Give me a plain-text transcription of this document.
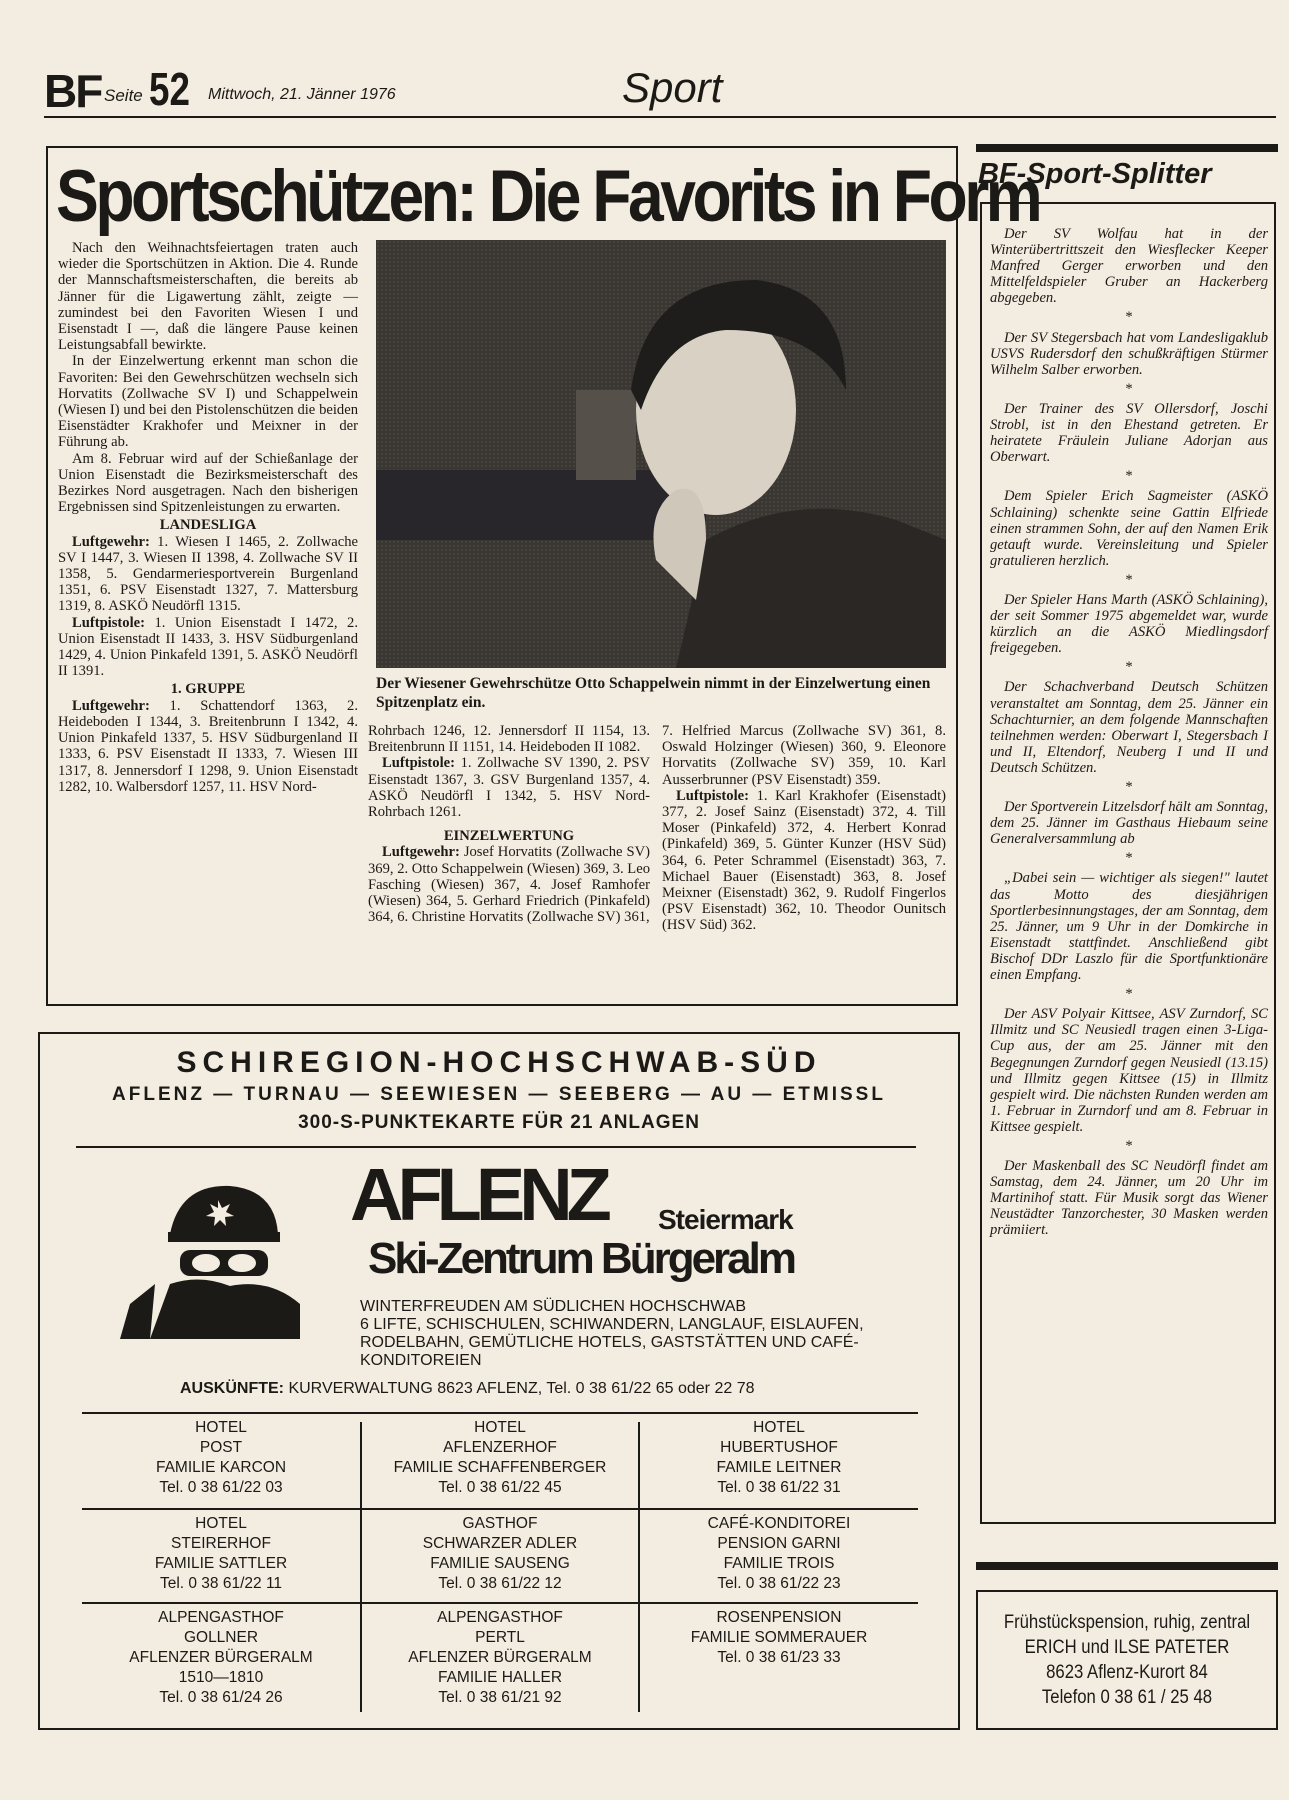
BF Seite 52 Mittwoch, 21. Jänner 1976	Sport
Sportschützen: Die Favorits in Form

Nach den Weihnachtsfeiertagen traten auch wieder die Sportschützen in Aktion. Die 4. Runde der Mannschaftsmeisterschaften, die bereits ab Jänner für die Ligawertung zählt, zeigte — zumindest bei den Favoriten Wiesen I und Eisenstadt I —, daß die längere Pause keinen Leistungsabfall bewirkte.

In der Einzelwertung erkennt man schon die Favoriten: Bei den Gewehrschützen wechseln sich Horvatits (Zollwache SV I) und Schappelwein (Wiesen I) und bei den Pistolenschützen die beiden Eisenstädter Krakhofer und Meixner in der Führung ab.

Am 8. Februar wird auf der Schießanlage der Union Eisenstadt die Bezirksmeisterschaft des Bezirkes Nord ausgetragen. Nach den bisherigen Ergebnissen sind Spitzenleistungen zu erwarten.

LANDESLIGA

Luftgewehr: 1. Wiesen I 1465, 2. Zollwache SV I 1447, 3. Wiesen II 1398, 4. Zollwache SV II 1358, 5. Gendarmeriesportverein Burgenland 1351, 6. PSV Eisenstadt 1327, 7. Mattersburg 1319, 8. ASKÖ Neudörfl 1315.

Luftpistole: 1. Union Eisenstadt I 1472, 2. Union Eisenstadt II 1433, 3. HSV Südburgenland 1429, 4. Union Pinkafeld 1391, 5. ASKÖ Neudörfl II 1391.

1. GRUPPE

Luftgewehr: 1. Schattendorf 1363, 2. Heideboden I 1344, 3. Breitenbrunn I 1342, 4. Union Pinkafeld 1337, 5. HSV Südburgenland II 1333, 6. PSV Eisenstadt II 1333, 7. Wiesen III 1317, 8. Jennersdorf I 1298, 9. Union Eisenstadt 1282, 10. Walbersdorf 1257, 11. HSV Nord-

Der Wiesener Gewehrschütze Otto Schappelwein nimmt in der Einzelwertung einen Spitzenplatz ein.

Rohrbach 1246, 12. Jennersdorf II 1154, 13. Breitenbrunn II 1151, 14. Heideboden II 1082.

Luftpistole: 1. Zollwache SV 1390, 2. PSV Eisenstadt 1367, 3. GSV Burgenland 1357, 4. ASKÖ Neudörfl I 1342, 5. HSV Nord-Rohrbach 1261.

EINZELWERTUNG

Luftgewehr: Josef Horvatits (Zollwache SV) 369, 2. Otto Schappelwein (Wiesen) 369, 3. Leo Fasching (Wiesen) 367, 4. Josef Ramhofer (Wiesen) 364, 5. Gerhard Friedrich (Pinkafeld) 364, 6. Christine Horvatits (Zollwache SV) 361,

7. Helfried Marcus (Zollwache SV) 361, 8. Oswald Holzinger (Wiesen) 360, 9. Eleonore Horvatits (Zollwache SV) 359, 10. Karl Ausserbrunner (PSV Eisenstadt) 359.

Luftpistole: 1. Karl Krakhofer (Eisenstadt) 377, 2. Josef Sainz (Eisenstadt) 372, 4. Till Moser (Pinkafeld) 372, 4. Herbert Konrad (Pinkafeld) 369, 5. Günter Kunzer (HSV Süd) 364, 6. Peter Schrammel (Eisenstadt) 363, 7. Michael Bauer (Eisenstadt) 363, 8. Josef Meixner (Eisenstadt) 362, 9. Rudolf Fingerlos (PSV Eisenstadt) 362, 10. Theodor Ounitsch (HSV Süd) 362.

BF-Sport-Splitter

Der SV Wolfau hat in der Winterübertrittszeit den Wiesflecker Keeper Manfred Gerger erworben und den Mittelfeldspieler Gruber an Hackerberg abgegeben.

*

Der SV Stegersbach hat vom Landesligaklub USVS Rudersdorf den schußkräftigen Stürmer Wilhelm Salber erworben.

*

Der Trainer des SV Ollersdorf, Joschi Strobl, ist in den Ehestand getreten. Er heiratete Fräulein Juliane Adorjan aus Oberwart.

*

Dem Spieler Erich Sagmeister (ASKÖ Schlaining) schenkte seine Gattin Elfriede einen strammen Sohn, der auf den Namen Erik getauft wurde. Vereinsleitung und Spieler gratulieren herzlich.

*

Der Spieler Hans Marth (ASKÖ Schlaining), der seit Sommer 1975 abgemeldet war, wurde kürzlich an die ASKÖ Miedlingsdorf freigegeben.

*

Der Schachverband Deutsch Schützen veranstaltet am Sonntag, dem 25. Jänner ein Schachturnier, an dem folgende Mannschaften teilnehmen werden: Oberwart I, Stegersbach I und II, Eltendorf, Neuberg I und II und Deutsch Schützen.

*

Der Sportverein Litzelsdorf hält am Sonntag, dem 25. Jänner im Gasthaus Hiebaum seine Generalversammlung ab

*

„Dabei sein — wichtiger als siegen!" lautet das Motto des diesjährigen Sportlerbesinnungstages, der am Sonntag, dem 25. Jänner, um 9 Uhr in der Domkirche in Eisenstadt stattfindet. Anschließend gibt Bischof DDr Laszlo für die Sportfunktionäre einen Empfang.

*

Der ASV Polyair Kittsee, ASV Zurndorf, SC Illmitz und SC Neusiedl tragen einen 3-Liga-Cup aus, der am 25. Jänner mit den Begegnungen Zurndorf gegen Neusiedl (13.15) und Illmitz gegen Kittsee (15) in Illmitz gespielt wird. Die nächsten Runden werden am 1. Februar in Zurndorf und am 8. Februar in Kittsee gespielt.

*

Der Maskenball des SC Neudörfl findet am Samstag, dem 24. Jänner, um 20 Uhr im Martinihof statt. Für Musik sorgt das Wiener Neustädter Tanzorchester, 30 Masken werden prämiiert.

Frühstückspension, ruhig, zentral
ERICH und ILSE PATETER
8623 Aflenz-Kurort 84
Telefon 0 38 61 / 25 48
SCHIREGION-HOCHSCHWAB-SÜD
AFLENZ — TURNAU — SEEWIESEN — SEEBERG — AU — ETMISSL
300-S-PUNKTEKARTE FÜR 21 ANLAGEN
AFLENZ Steiermark
Ski-Zentrum Bürgeralm
WINTERFREUDEN AM SÜDLICHEN HOCHSCHWAB
6 LIFTE, SCHISCHULEN, SCHIWANDERN, LANGLAUF, EISLAUFEN, RODELBAHN, GEMÜTLICHE HOTELS, GASTSTÄTTEN UND CAFÉ-KONDITOREIEN
AUSKÜNFTE: KURVERWALTUNG 8623 AFLENZ, Tel. 0 38 61/22 65 oder 22 78
HOTEL
POST
FAMILIE KARCON
Tel. 0 38 61/22 03
HOTEL
AFLENZERHOF
FAMILIE SCHAFFENBERGER
Tel. 0 38 61/22 45
HOTEL
HUBERTUSHOF
FAMILE LEITNER
Tel. 0 38 61/22 31
HOTEL
STEIRERHOF
FAMILIE SATTLER
Tel. 0 38 61/22 11
GASTHOF
SCHWARZER ADLER
FAMILIE SAUSENG
Tel. 0 38 61/22 12
CAFÉ-KONDITOREI
PENSION GARNI
FAMILIE TROIS
Tel. 0 38 61/22 23
ALPENGASTHOF
GOLLNER
AFLENZER BÜRGERALM
1510—1810
Tel. 0 38 61/24 26
ALPENGASTHOF
PERTL
AFLENZER BÜRGERALM
FAMILIE HALLER
Tel. 0 38 61/21 92
ROSENPENSION
FAMILIE SOMMERAUER
Tel. 0 38 61/23 33
